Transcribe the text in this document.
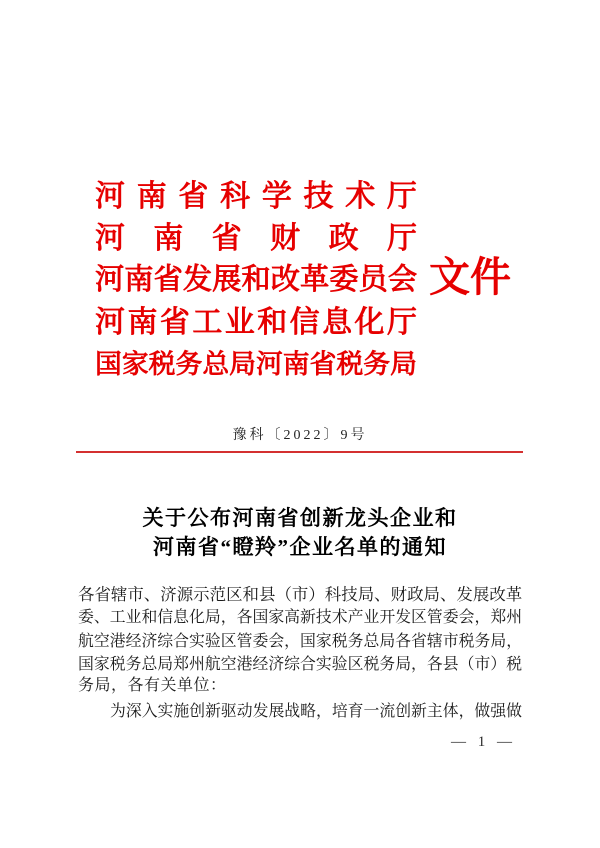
河 南 省 科 学 技 术 厅
河 南 省 财 政 厅
河 南 省 发 展 和 改 革 委 员 会
河 南 省 工 业 和 信 息 化 厅
国 家 税 务 总 局 河 南 省 税 务 局
文件
豫科〔2022〕9号
关于公布河南省创新龙头企业和
河南省“瞪羚”企业名单的通知
各 省 辖 市 、 济 源 示 范 区 和 县 （ 市 ） 科 技 局 、 财 政 局 、 发 展 改 革
委 、 工 业 和 信 息 化 局 ， 各 国 家 高 新 技 术 产 业 开 发 区 管 委 会 ， 郑 州
航 空 港 经 济 综 合 实 验 区 管 委 会 ， 国 家 税 务 总 局 各 省 辖 市 税 务 局 ，
国 家 税 务 总 局 郑 州 航 空 港 经 济 综 合 实 验 区 税 务 局 ， 各 县 （ 市 ） 税
务局，各有关单位：
为 深 入 实 施 创 新 驱 动 发 展 战 略 ， 培 育 一 流 创 新 主 体 ， 做 强 做
— 1 —
